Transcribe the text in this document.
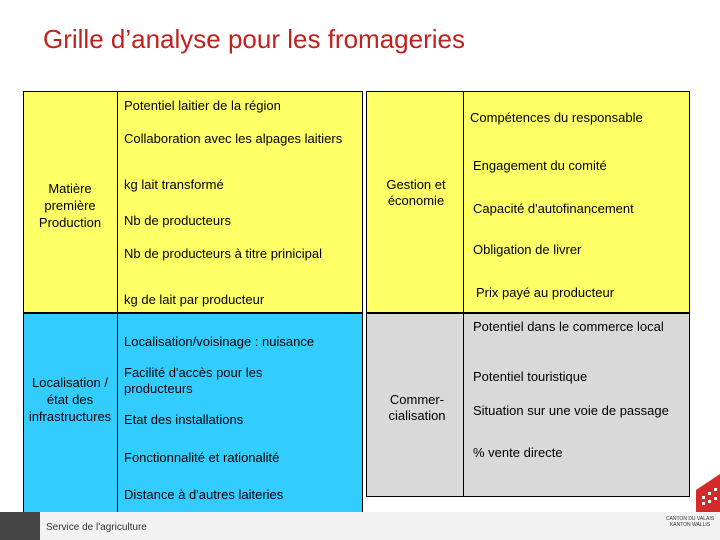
Grille d’analyse pour les fromageries
Matière première Production
Potentiel laitier de la région
Collaboration avec les alpages laitiers
kg lait transformé
Nb de producteurs
Nb de producteurs à titre prinicipal
kg de lait par producteur
Localisation / état des infrastructures
Localisation/voisinage : nuisance
Facilité d'accès pour les producteurs
Etat des installations
Fonctionnalité et rationalité
Distance à d'autres laiteries
Gestion et économie
Compétences du responsable
Engagement du comité
Capacité d'autofinancement
Obligation de livrer
Prix payé au producteur
Commer-cialisation
Potentiel dans le commerce local
Potentiel touristique
Situation sur une voie de passage
% vente directe
Service de l'agriculture
CANTON DU VALAIS KANTON WALLIS
